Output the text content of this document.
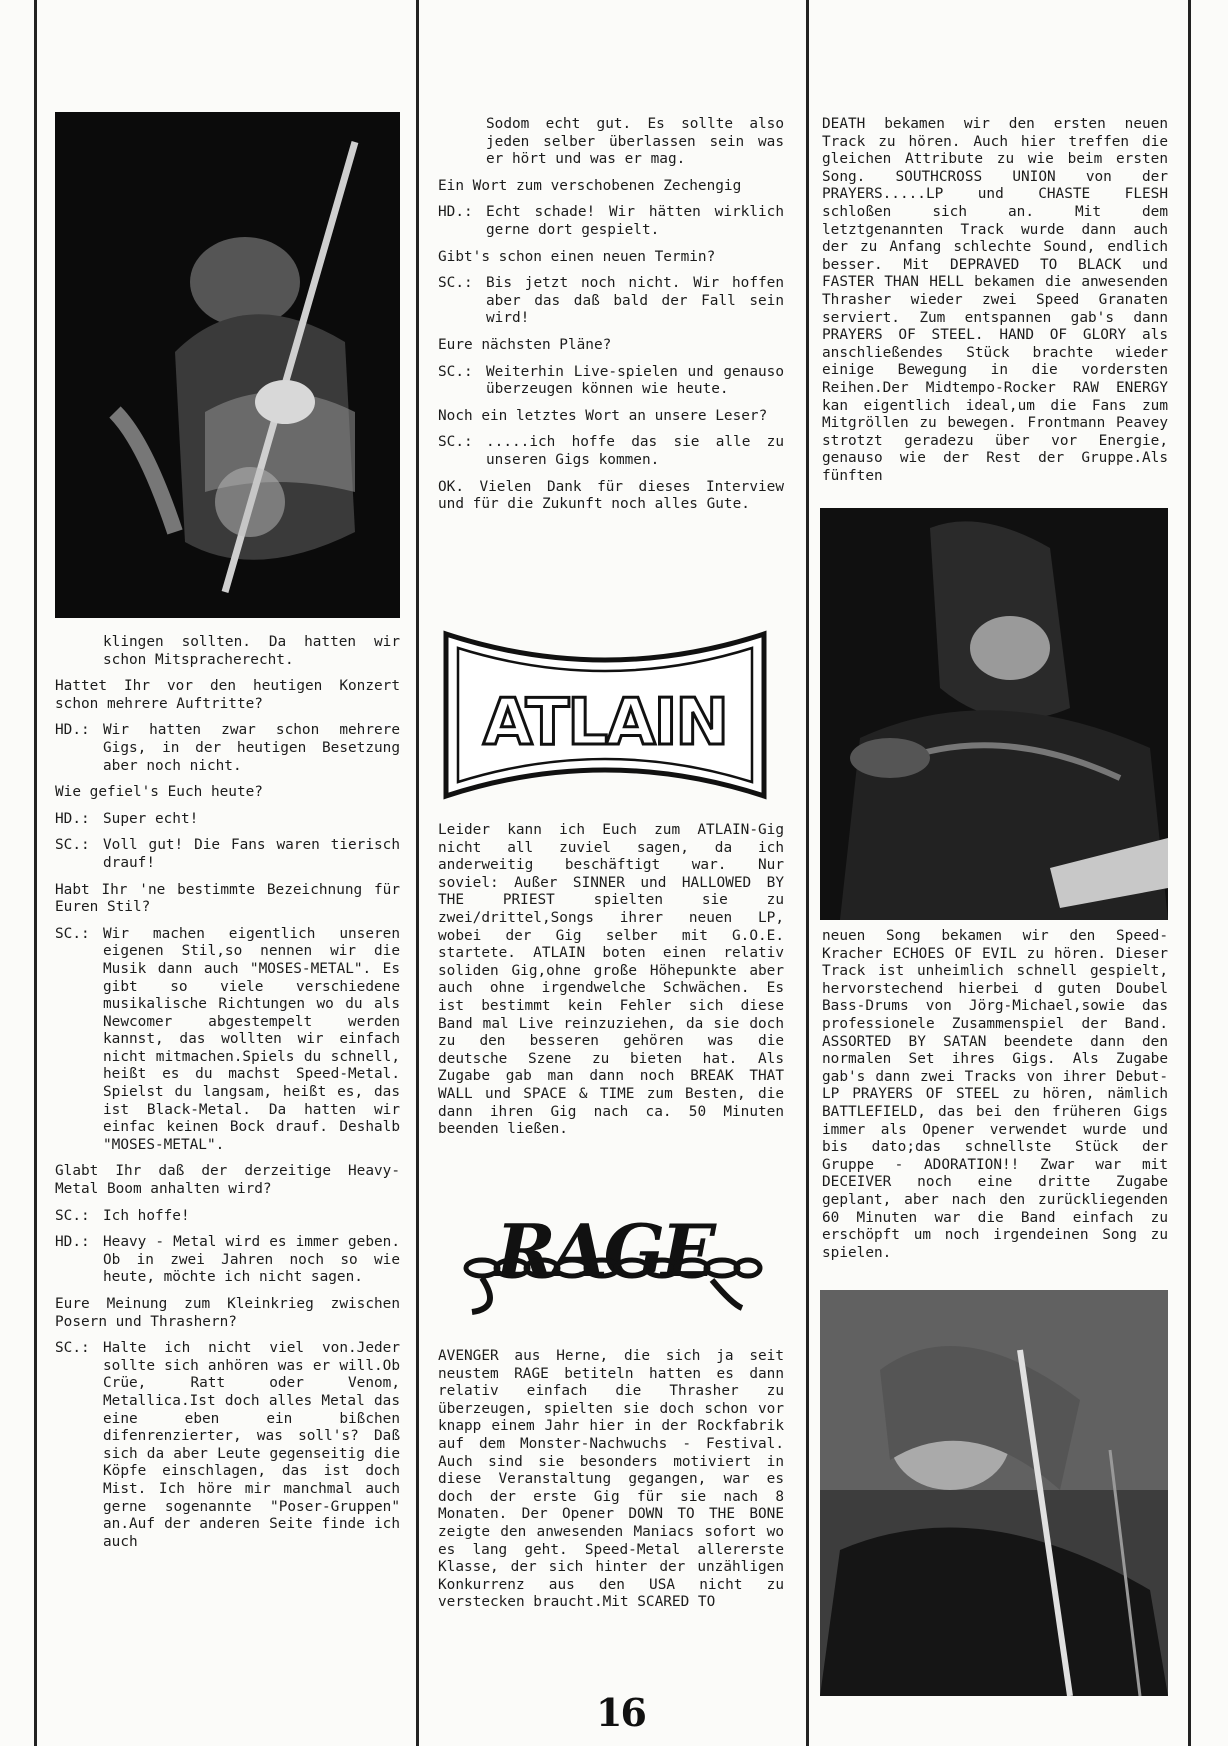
ATLAIN
RAGE

klingen sollten. Da hatten wir schon Mitspracherecht.

Hattet Ihr vor den heutigen Konzert schon mehrere Auftritte?

HD.: Wir hatten zwar schon mehrere Gigs, in der heutigen Besetzung aber noch nicht.

Wie gefiel's Euch heute?

HD.: Super echt!
SC.: Voll gut! Die Fans waren tierisch drauf!

Habt Ihr 'ne bestimmte Bezeichnung für Euren Stil?

SC.: Wir machen eigentlich unseren eigenen Stil,so nennen wir die Musik dann auch "MOSES-METAL". Es gibt so viele verschiedene musikalische Richtungen wo du als Newcomer abgestempelt werden kannst, das wollten wir einfach nicht mitmachen.Spiels du schnell, heißt es du machst Speed-Metal. Spielst du langsam, heißt es, das ist Black-Metal. Da hatten wir einfac keinen Bock drauf. Deshalb "MOSES-METAL".

Glabt Ihr daß der derzeitige Heavy-Metal Boom anhalten wird?

SC.: Ich hoffe!
HD.: Heavy - Metal wird es immer geben. Ob in zwei Jahren noch so wie heute, möchte ich nicht sagen.

Eure Meinung zum Kleinkrieg zwischen Posern und Thrashern?

SC.: Halte ich nicht viel von.Jeder sollte sich anhören was er will.Ob Crüe, Ratt oder Venom, Metallica.Ist doch alles Metal das eine eben ein bißchen difenrenzierter, was soll's? Daß sich da aber Leute gegenseitig die Köpfe einschlagen, das ist doch Mist. Ich höre mir manchmal auch gerne sogenannte "Poser-Gruppen" an.Auf der anderen Seite finde ich auch

Sodom echt gut. Es sollte also jeden selber überlassen sein was er hört und was er mag.

Ein Wort zum verschobenen Zechengig

HD.: Echt schade! Wir hätten wirklich gerne dort gespielt.

Gibt's schon einen neuen Termin?

SC.: Bis jetzt noch nicht. Wir hoffen aber das daß bald der Fall sein wird!

Eure nächsten Pläne?

SC.: Weiterhin Live-spielen und genauso überzeugen können wie heute.

Noch ein letztes Wort an unsere Leser?

SC.: .....ich hoffe das sie alle zu unseren Gigs kommen.

OK. Vielen Dank für dieses Interview und für die Zukunft noch alles Gute.

Leider kann ich Euch zum ATLAIN-Gig nicht all zuviel sagen, da ich anderweitig beschäftigt war. Nur soviel: Außer SINNER und HALLOWED BY THE PRIEST spielten sie zu zwei/drittel,Songs ihrer neuen LP, wobei der Gig selber mit G.O.E. startete. ATLAIN boten einen relativ soliden Gig,ohne große Höhepunkte aber auch ohne irgendwelche Schwächen. Es ist bestimmt kein Fehler sich diese Band mal Live reinzuziehen, da sie doch zu den besseren gehören was die deutsche Szene zu bieten hat. Als Zugabe gab man dann noch BREAK THAT WALL und SPACE & TIME zum Besten, die dann ihren Gig nach ca. 50 Minuten beenden ließen.

AVENGER aus Herne, die sich ja seit neustem RAGE betiteln hatten es dann relativ einfach die Thrasher zu überzeugen, spielten sie doch schon vor knapp einem Jahr hier in der Rockfabrik auf dem Monster-Nachwuchs - Festival. Auch sind sie besonders motiviert in diese Veranstaltung gegangen, war es doch der erste Gig für sie nach 8 Monaten. Der Opener DOWN TO THE BONE zeigte den anwesenden Maniacs sofort wo es lang geht. Speed-Metal allererste Klasse, der sich hinter der unzähligen Konkurrenz aus den USA nicht zu verstecken braucht.Mit SCARED TO

DEATH bekamen wir den ersten neuen Track zu hören. Auch hier treffen die gleichen Attribute zu wie beim ersten Song. SOUTHCROSS UNION von der PRAYERS.....LP und CHASTE FLESH schloßen sich an. Mit dem letztgenannten Track wurde dann auch der zu Anfang schlechte Sound, endlich besser. Mit DEPRAVED TO BLACK und FASTER THAN HELL bekamen die anwesenden Thrasher wieder zwei Speed Granaten serviert. Zum entspannen gab's dann PRAYERS OF STEEL. HAND OF GLORY als anschließendes Stück brachte wieder einige Bewegung in die vordersten Reihen.Der Midtempo-Rocker RAW ENERGY kan eigentlich ideal,um die Fans zum Mitgröllen zu bewegen. Frontmann Peavey strotzt geradezu über vor Energie, genauso wie der Rest der Gruppe.Als fünften

neuen Song bekamen wir den Speed-Kracher ECHOES OF EVIL zu hören. Dieser Track ist unheimlich schnell gespielt, hervorstechend hierbei d guten Doubel Bass-Drums von Jörg-Michael,sowie das professionele Zusammenspiel der Band. ASSORTED BY SATAN beendete dann den normalen Set ihres Gigs. Als Zugabe gab's dann zwei Tracks von ihrer Debut-LP PRAYERS OF STEEL zu hören, nämlich BATTLEFIELD, das bei den früheren Gigs immer als Opener verwendet wurde und bis dato;das schnellste Stück der Gruppe - ADORATION!! Zwar war mit DECEIVER noch eine dritte Zugabe geplant, aber nach den zurückliegenden 60 Minuten war die Band einfach zu erschöpft um noch irgendeinen Song zu spielen.

16
